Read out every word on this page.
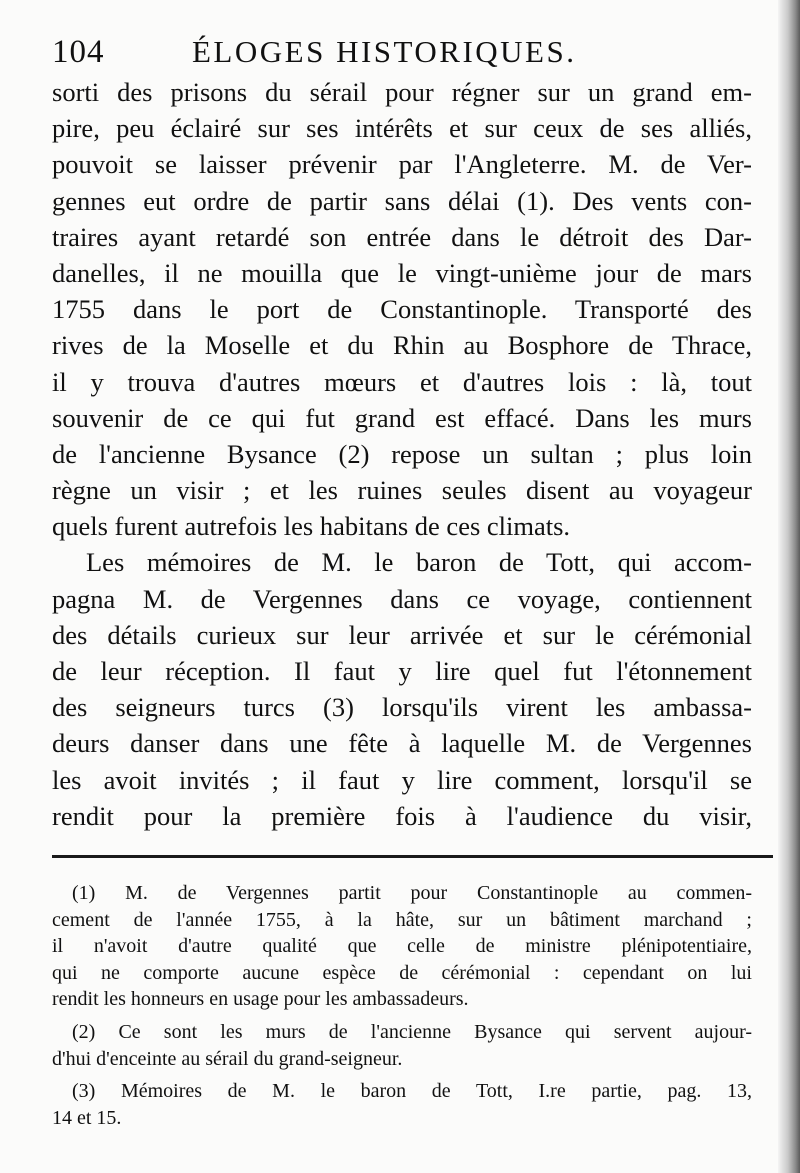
104	ÉLOGES HISTORIQUES.
sorti des prisons du sérail pour régner sur un grand em-
pire, peu éclairé sur ses intérêts et sur ceux de ses alliés,
pouvoit se laisser prévenir par l'Angleterre. M. de Ver-
gennes eut ordre de partir sans délai (1). Des vents con-
traires ayant retardé son entrée dans le détroit des Dar-
danelles, il ne mouilla que le vingt-unième jour de mars
1755 dans le port de Constantinople. Transporté des
rives de la Moselle et du Rhin au Bosphore de Thrace,
il y trouva d'autres mœurs et d'autres lois : là, tout
souvenir de ce qui fut grand est effacé. Dans les murs
de l'ancienne Bysance (2) repose un sultan ; plus loin
règne un visir ; et les ruines seules disent au voyageur
quels furent autrefois les habitans de ces climats.
Les mémoires de M. le baron de Tott, qui accom-
pagna M. de Vergennes dans ce voyage, contiennent
des détails curieux sur leur arrivée et sur le cérémonial
de leur réception. Il faut y lire quel fut l'étonnement
des seigneurs turcs (3) lorsqu'ils virent les ambassa-
deurs danser dans une fête à laquelle M. de Vergennes
les avoit invités ; il faut y lire comment, lorsqu'il se
rendit pour la première fois à l'audience du visir,
(1) M. de Vergennes partit pour Constantinople au commen-
cement de l'année 1755, à la hâte, sur un bâtiment marchand ;
il n'avoit d'autre qualité que celle de ministre plénipotentiaire,
qui ne comporte aucune espèce de cérémonial : cependant on lui
rendit les honneurs en usage pour les ambassadeurs.
(2) Ce sont les murs de l'ancienne Bysance qui servent aujour-
d'hui d'enceinte au sérail du grand-seigneur.
(3) Mémoires de M. le baron de Tott, I.re partie, pag. 13,
14 et 15.
